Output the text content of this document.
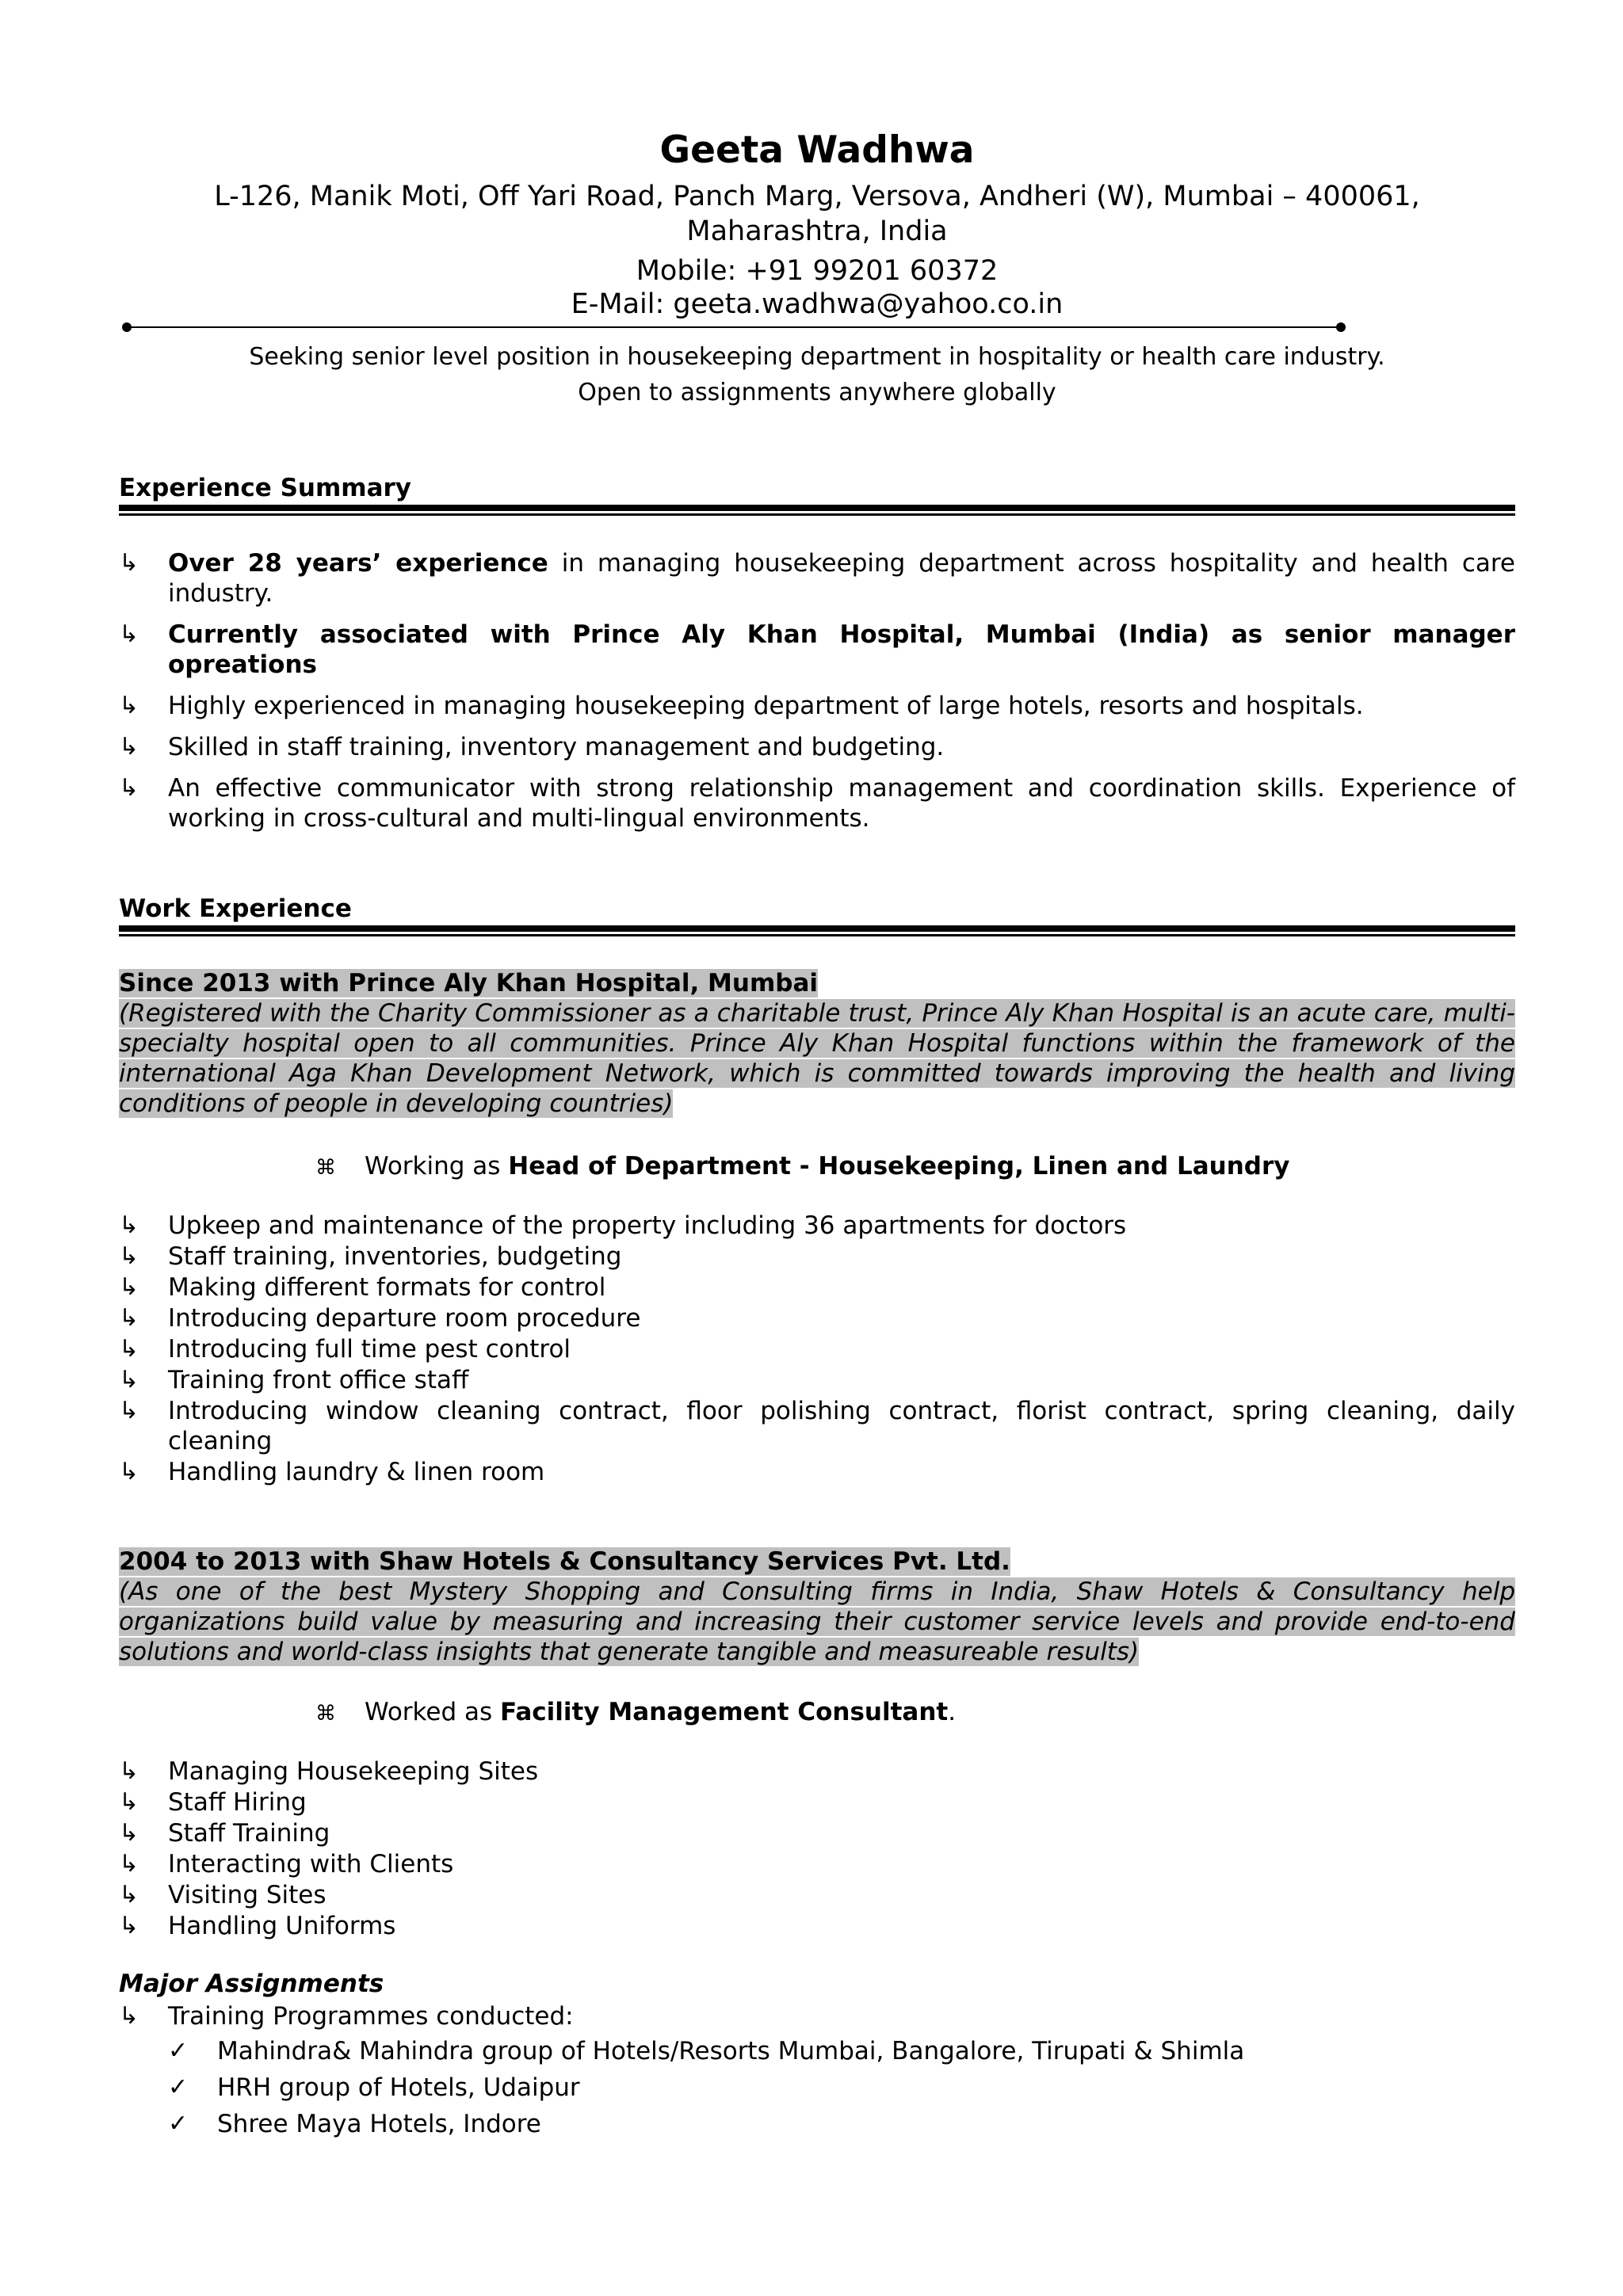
Geeta Wadhwa
L-126, Manik Moti, Off Yari Road, Panch Marg, Versova, Andheri (W), Mumbai – 400061,
Maharashtra, India
Mobile: +91 99201 60372
E-Mail: geeta.wadhwa@yahoo.co.in
Seeking senior level position in housekeeping department in hospitality or health care industry.
Open to assignments anywhere globally
Experience Summary
↳	Over 28 years’ experience in managing housekeeping department across hospitality and health care industry.
↳	Currently associated with Prince Aly Khan Hospital, Mumbai (India) as senior manager opreations
↳	Highly experienced in managing housekeeping department of large hotels, resorts and hospitals.
↳	Skilled in staff training, inventory management and budgeting.
↳	An effective communicator with strong relationship management and coordination skills. Experience of working in cross-cultural and multi-lingual environments.
Work Experience
Since 2013 with Prince Aly Khan Hospital, Mumbai
(Registered with the Charity Commissioner as a charitable trust, Prince Aly Khan Hospital is an acute care, multi-specialty hospital open to all communities. Prince Aly Khan Hospital functions within the framework of the international Aga Khan Development Network, which is committed towards improving the health and living conditions of people in developing countries)
⌘ Working as Head of Department - Housekeeping, Linen and Laundry
↳	Upkeep and maintenance of the property including 36 apartments for doctors
↳	Staff training, inventories, budgeting
↳	Making different formats for control
↳	Introducing departure room procedure
↳	Introducing full time pest control
↳	Training front office staff
↳	Introducing window cleaning contract, floor polishing contract, florist contract, spring cleaning, daily cleaning
↳	Handling laundry & linen room
2004 to 2013 with Shaw Hotels & Consultancy Services Pvt. Ltd.
(As one of the best Mystery Shopping and Consulting firms in India, Shaw Hotels & Consultancy help organizations build value by measuring and increasing their customer service levels and provide end-to-end solutions and world-class insights that generate tangible and measureable results)
⌘ Worked as Facility Management Consultant.
↳	Managing Housekeeping Sites
↳	Staff Hiring
↳	Staff Training
↳	Interacting with Clients
↳	Visiting Sites
↳	Handling Uniforms
Major Assignments
↳	Training Programmes conducted:
✓ Mahindra& Mahindra group of Hotels/Resorts Mumbai, Bangalore, Tirupati & Shimla
✓ HRH group of Hotels, Udaipur
✓ Shree Maya Hotels, Indore
